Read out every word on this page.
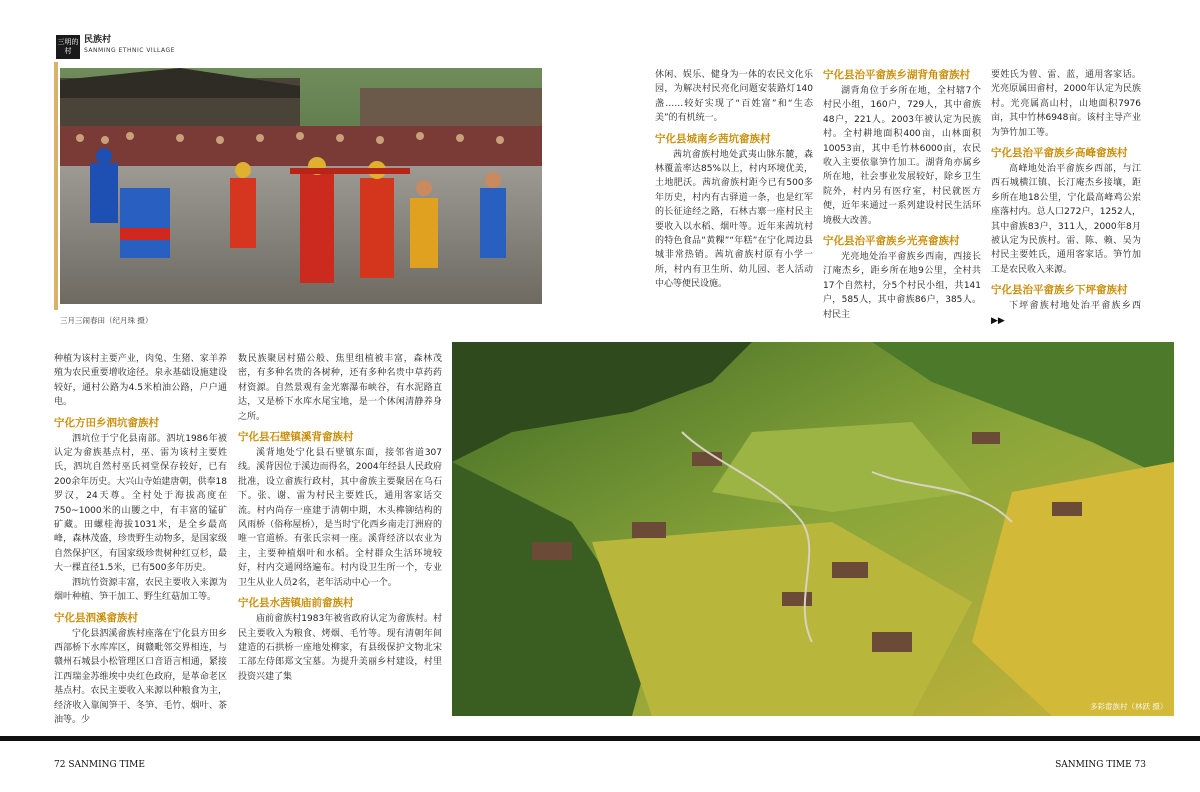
三明的村
民族村
SANMING ETHNIC VILLAGE
三月三闹春田（纪月珠 摄）

休闲、娱乐、健身为一体的农民文化乐园，为解决村民亮化问题安装路灯140盏……较好实现了“百姓富”和“生态美”的有机统一。

宁化县城南乡茜坑畲族村

茜坑畲族村地处武夷山脉东麓，森林覆盖率达85%以上，村内环境优美，土地肥沃。茜坑畲族村距今已有500多年历史，村内有古驿道一条，也是红军的长征途经之路，石林古寨一座村民主要收入以水稻、烟叶等。近年来茜坑村的特色食品“黄粿”“年糕”在宁化周边县城非常热销。茜坑畲族村原有小学一所，村内有卫生所、幼儿园、老人活动中心等便民设施。

宁化县治平畲族乡湖背角畲族村

湖背角位于乡所在地，全村辖7个村民小组，160户，729人，其中畲族48户，221人。2003年被认定为民族村。全村耕地面积400亩，山林面积10053亩，其中毛竹林6000亩，农民收入主要依靠笋竹加工。湖背角亦属乡所在地，社会事业发展较好，除乡卫生院外，村内另有医疗室，村民就医方便，近年来通过一系列建设村民生活环境极大改善。

宁化县治平畲族乡光亮畲族村

光亮地处治平畲族乡西南，西接长汀庵杰乡，距乡所在地9公里，全村共17个自然村，分5个村民小组，共141户，585人，其中畲族86户，385人。村民主

要姓氏为曾、雷、蓝，通用客家话。光亮原属田畲村，2000年认定为民族村。光亮属高山村，山地面积7976亩，其中竹林6948亩。该村主导产业为笋竹加工等。

宁化县治平畲族乡高峰畲族村

高峰地处治平畲族乡西部，与江西石城横江镇、长汀庵杰乡接壤，距乡所在地18公里，宁化最高峰鸡公岽座落村内。总人口272户，1252人，其中畲族83户，311人，2000年8月被认定为民族村。雷、陈、赖、吴为村民主要姓氏，通用客家话。笋竹加工是农民收入来源。

宁化县治平畲族乡下坪畲族村

下坪畲族村地处治平畲族乡西 ▶▶

种植为该村主要产业，肉兔、生猪、家羊养殖为农民重要增收途径。泉永基础设施建设较好，通村公路为4.5米柏油公路，户户通电。

宁化方田乡泗坑畲族村

泗坑位于宁化县南部。泗坑1986年被认定为畲族基点村，巫、雷为该村主要姓氏，泗坑自然村巫氏祠堂保存较好，已有200余年历史。大兴山寺始建唐朝，供奉18罗汉，24天尊。全村处于海拔高度在750~1000米的山腰之中，有丰富的锰矿矿藏。田螺桂海拔1031米，是全乡最高峰，森林茂盛，珍贵野生动物多，是国家级自然保护区，有国家级珍贵树种红豆杉，最大一棵直径1.5米，已有500多年历史。

泗坑竹资源丰富，农民主要收入来源为烟叶种植、笋干加工、野生红菇加工等。

宁化县泗溪畲族村

宁化县泗溪畲族村座落在宁化县方田乡西部桥下水库库区，闽赣毗邻交界相连，与赣州石城县小松管理区口音语言相通，紧接江西瑞金苏维埃中央红色政府，是革命老区基点村。农民主要收入来源以种粮食为主，经济收入靠闽笋干、冬笋、毛竹、烟叶、茶油等。少

数民族聚居村猫公般、焦里组植被丰富，森林茂密，有多种名贵的各树种，还有多种名贵中草药药材资源。自然景观有金光寨瀑布峡谷，有水泥路直达，又是桥下水库水尾宝地，是一个休闲清静养身之所。

宁化县石壁镇溪背畲族村

溪背地处宁化县石壁镇东面，接邻省道307线。溪背因位于溪边而得名，2004年经县人民政府批准，设立畲族行政村，其中畲族主要聚居在乌石下。张、谢、雷为村民主要姓氏，通用客家话交流。村内尚存一座建于清朝中期，木头榫铆结构的风雨桥（俗称屋桥），是当时宁化西乡南走汀洲府的唯一官道桥。有张氏宗祠一座。溪背经济以农业为主，主要种植烟叶和水稻。全村群众生活环境较好，村内交通网络遍布。村内设卫生所一个，专业卫生从业人员2名，老年活动中心一个。

宁化县水茜镇庙前畲族村

庙前畲族村1983年被省政府认定为畲族村。村民主要收入为粮食、烤烟、毛竹等。现有清朝年间建造的石拱桥一座地处柳家，有县级保护文物北宋工部左侍郎郑文宝墓。为提升美丽乡村建设，村里投资兴建了集

多彩畲族村（林跃 摄）
72 SANMING TIME	SANMING TIME 73
